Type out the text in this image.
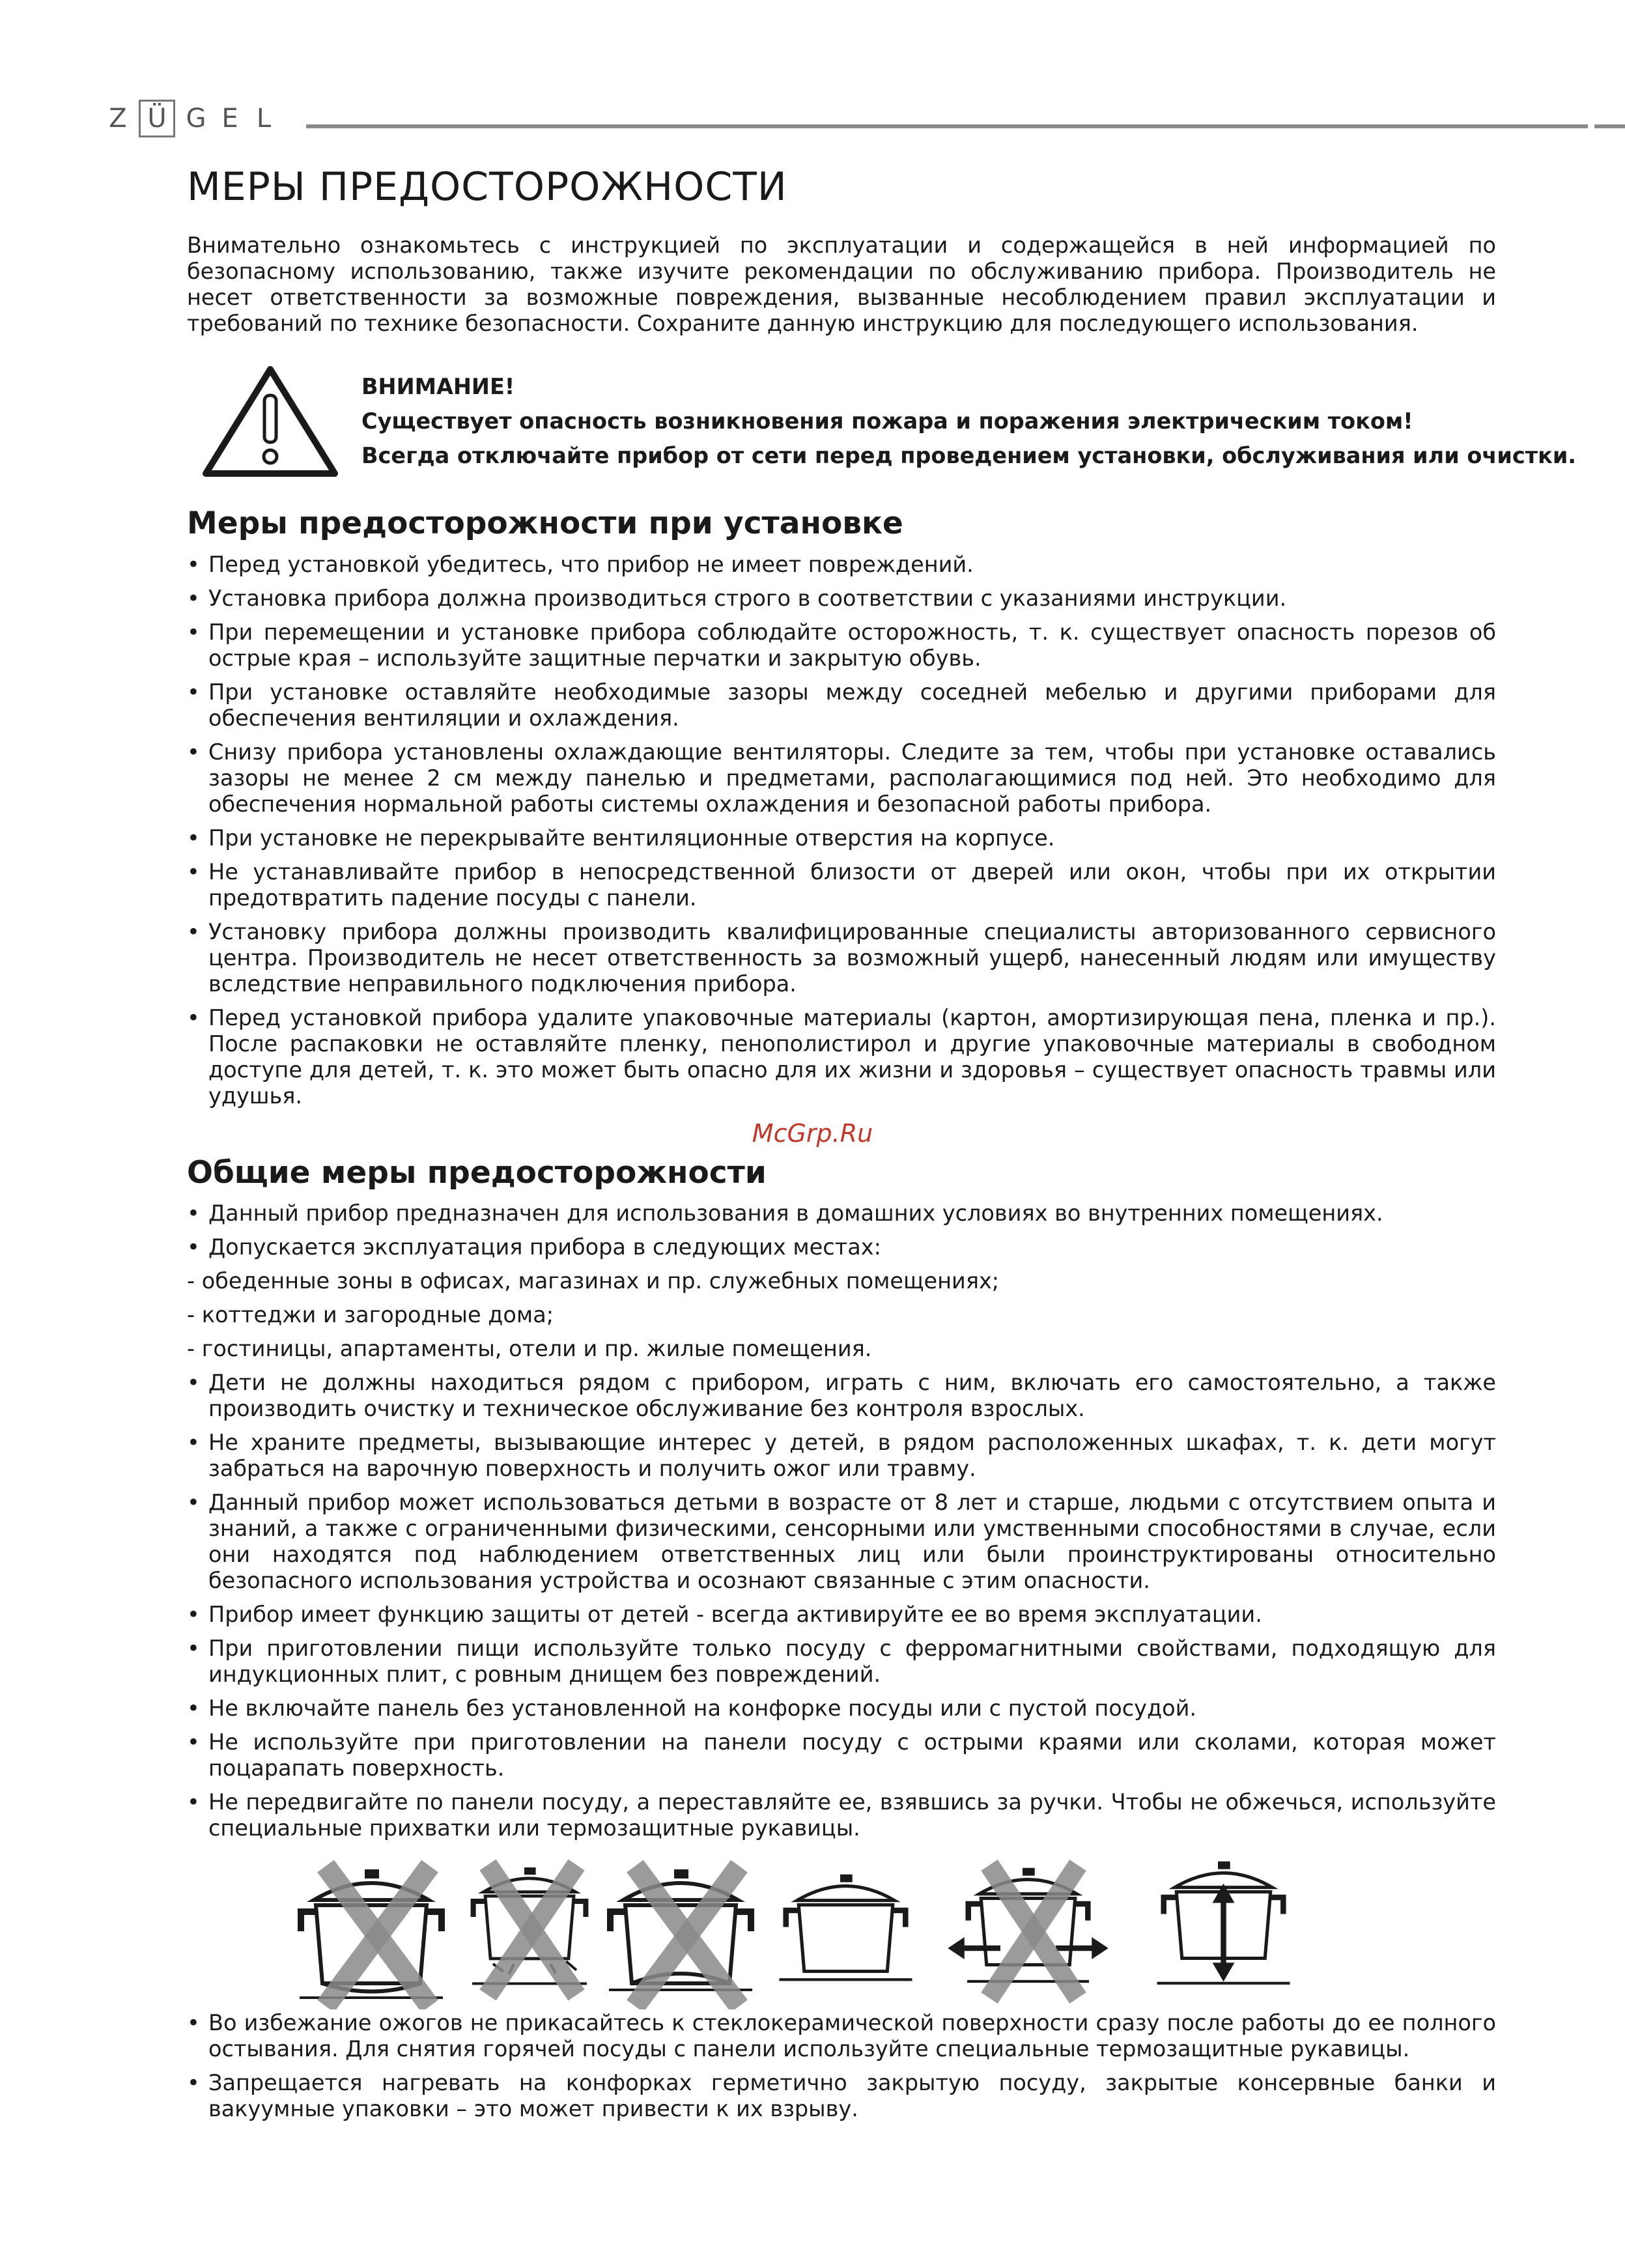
Z Ü G E L
МЕРЫ ПРЕДОСТОРОЖНОСТИ

Внимательно ознакомьтесь с инструкцией по эксплуатации и содержащейся в ней информацией по безопасному использованию, также изучите рекомендации по обслуживанию прибора. Производитель не несет ответственности за возможные повреждения, вызванные несоблюдением правил эксплуатации и требований по технике безопасности. Сохраните данную инструкцию для последующего использования.

ВНИМАНИЕ!
Существует опасность возникновения пожара и поражения электрическим током!
Всегда отключайте прибор от сети перед проведением установки, обслуживания или очистки.
Меры предосторожности при установке
• Перед установкой убедитесь, что прибор не имеет повреждений.
• Установка прибора должна производиться строго в соответствии с указаниями инструкции.
• При перемещении и установке прибора соблюдайте осторожность, т. к. существует опасность порезов об острые края – используйте защитные перчатки и закрытую обувь.
• При установке оставляйте необходимые зазоры между соседней мебелью и другими приборами для обеспечения вентиляции и охлаждения.
• Снизу прибора установлены охлаждающие вентиляторы. Следите за тем, чтобы при установке оставались зазоры не менее 2 см между панелью и предметами, располагающимися под ней. Это необходимо для обеспечения нормальной работы системы охлаждения и безопасной работы прибора.
• При установке не перекрывайте вентиляционные отверстия на корпусе.
• Не устанавливайте прибор в непосредственной близости от дверей или окон, чтобы при их открытии предотвратить падение посуды с панели.
• Установку прибора должны производить квалифицированные специалисты авторизованного сервисного центра. Производитель не несет ответственность за возможный ущерб, нанесенный людям или имуществу вследствие неправильного подключения прибора.
• Перед установкой прибора удалите упаковочные материалы (картон, амортизирующая пена, пленка и пр.). После распаковки не оставляйте пленку, пенополистирол и другие упаковочные материалы в свободном доступе для детей, т. к. это может быть опасно для их жизни и здоровья – существует опасность травмы или удушья.

McGrp.Ru

Общие меры предосторожности
• Данный прибор предназначен для использования в домашних условиях во внутренних помещениях.
• Допускается эксплуатация прибора в следующих местах:
- обеденные зоны в офисах, магазинах и пр. служебных помещениях;
- коттеджи и загородные дома;
- гостиницы, апартаменты, отели и пр. жилые помещения.
• Дети не должны находиться рядом с прибором, играть с ним, включать его самостоятельно, а также производить очистку и техническое обслуживание без контроля взрослых.
• Не храните предметы, вызывающие интерес у детей, в рядом расположенных шкафах, т. к. дети могут забраться на варочную поверхность и получить ожог или травму.
• Данный прибор может использоваться детьми в возрасте от 8 лет и старше, людьми с отсутствием опыта и знаний, а также с ограниченными физическими, сенсорными или умственными способностями в случае, если они находятся под наблюдением ответственных лиц или были проинструктированы относительно безопасного использования устройства и осознают связанные с этим опасности.
• Прибор имеет функцию защиты от детей - всегда активируйте ее во время эксплуатации.
• При приготовлении пищи используйте только посуду с ферромагнитными свойствами, подходящую для индукционных плит, с ровным днищем без повреждений.
• Не включайте панель без установленной на конфорке посуды или с пустой посудой.
• Не используйте при приготовлении на панели посуду с острыми краями или сколами, которая может поцарапать поверхность.
• Не передвигайте по панели посуду, а переставляйте ее, взявшись за ручки. Чтобы не обжечься, используйте специальные прихватки или термозащитные рукавицы.
• Во избежание ожогов не прикасайтесь к стеклокерамической поверхности сразу после работы до ее полного остывания. Для снятия горячей посуды с панели используйте специальные термозащитные рукавицы.
• Запрещается нагревать на конфорках герметично закрытую посуду, закрытые консервные банки и вакуумные упаковки – это может привести к их взрыву.
